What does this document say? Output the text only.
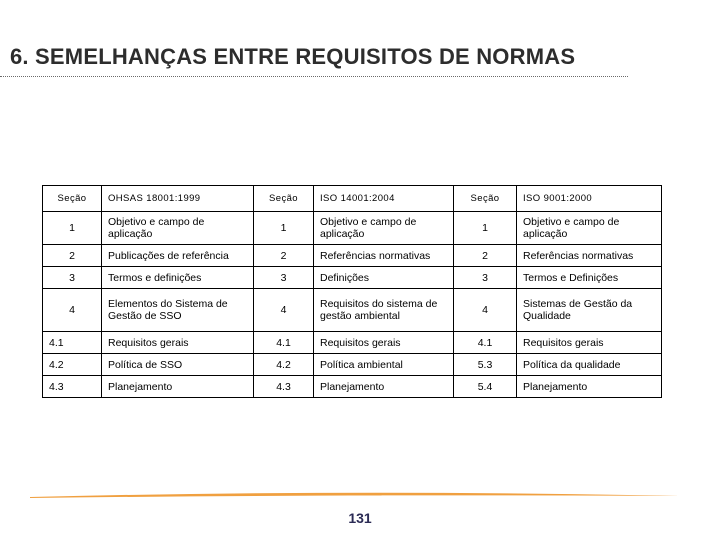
6. SEMELHANÇAS ENTRE REQUISITOS DE NORMAS
Seção	OHSAS 18001:1999	Seção	ISO 14001:2004	Seção	ISO 9001:2000
1	Objetivo e campo de aplicação	1	Objetivo e campo de aplicação	1	Objetivo e campo de aplicação
2	Publicações de referência	2	Referências normativas	2	Referências normativas
3	Termos e definições	3	Definições	3	Termos e Definições
4	Elementos do Sistema de Gestão de SSO	4	Requisitos do sistema de gestão ambiental	4	Sistemas de Gestão da Qualidade
4.1	Requisitos gerais	4.1	Requisitos gerais	4.1	Requisitos gerais
4.2	Política de SSO	4.2	Política ambiental	5.3	Política da qualidade
4.3	Planejamento	4.3	Planejamento	5.4	Planejamento
131
